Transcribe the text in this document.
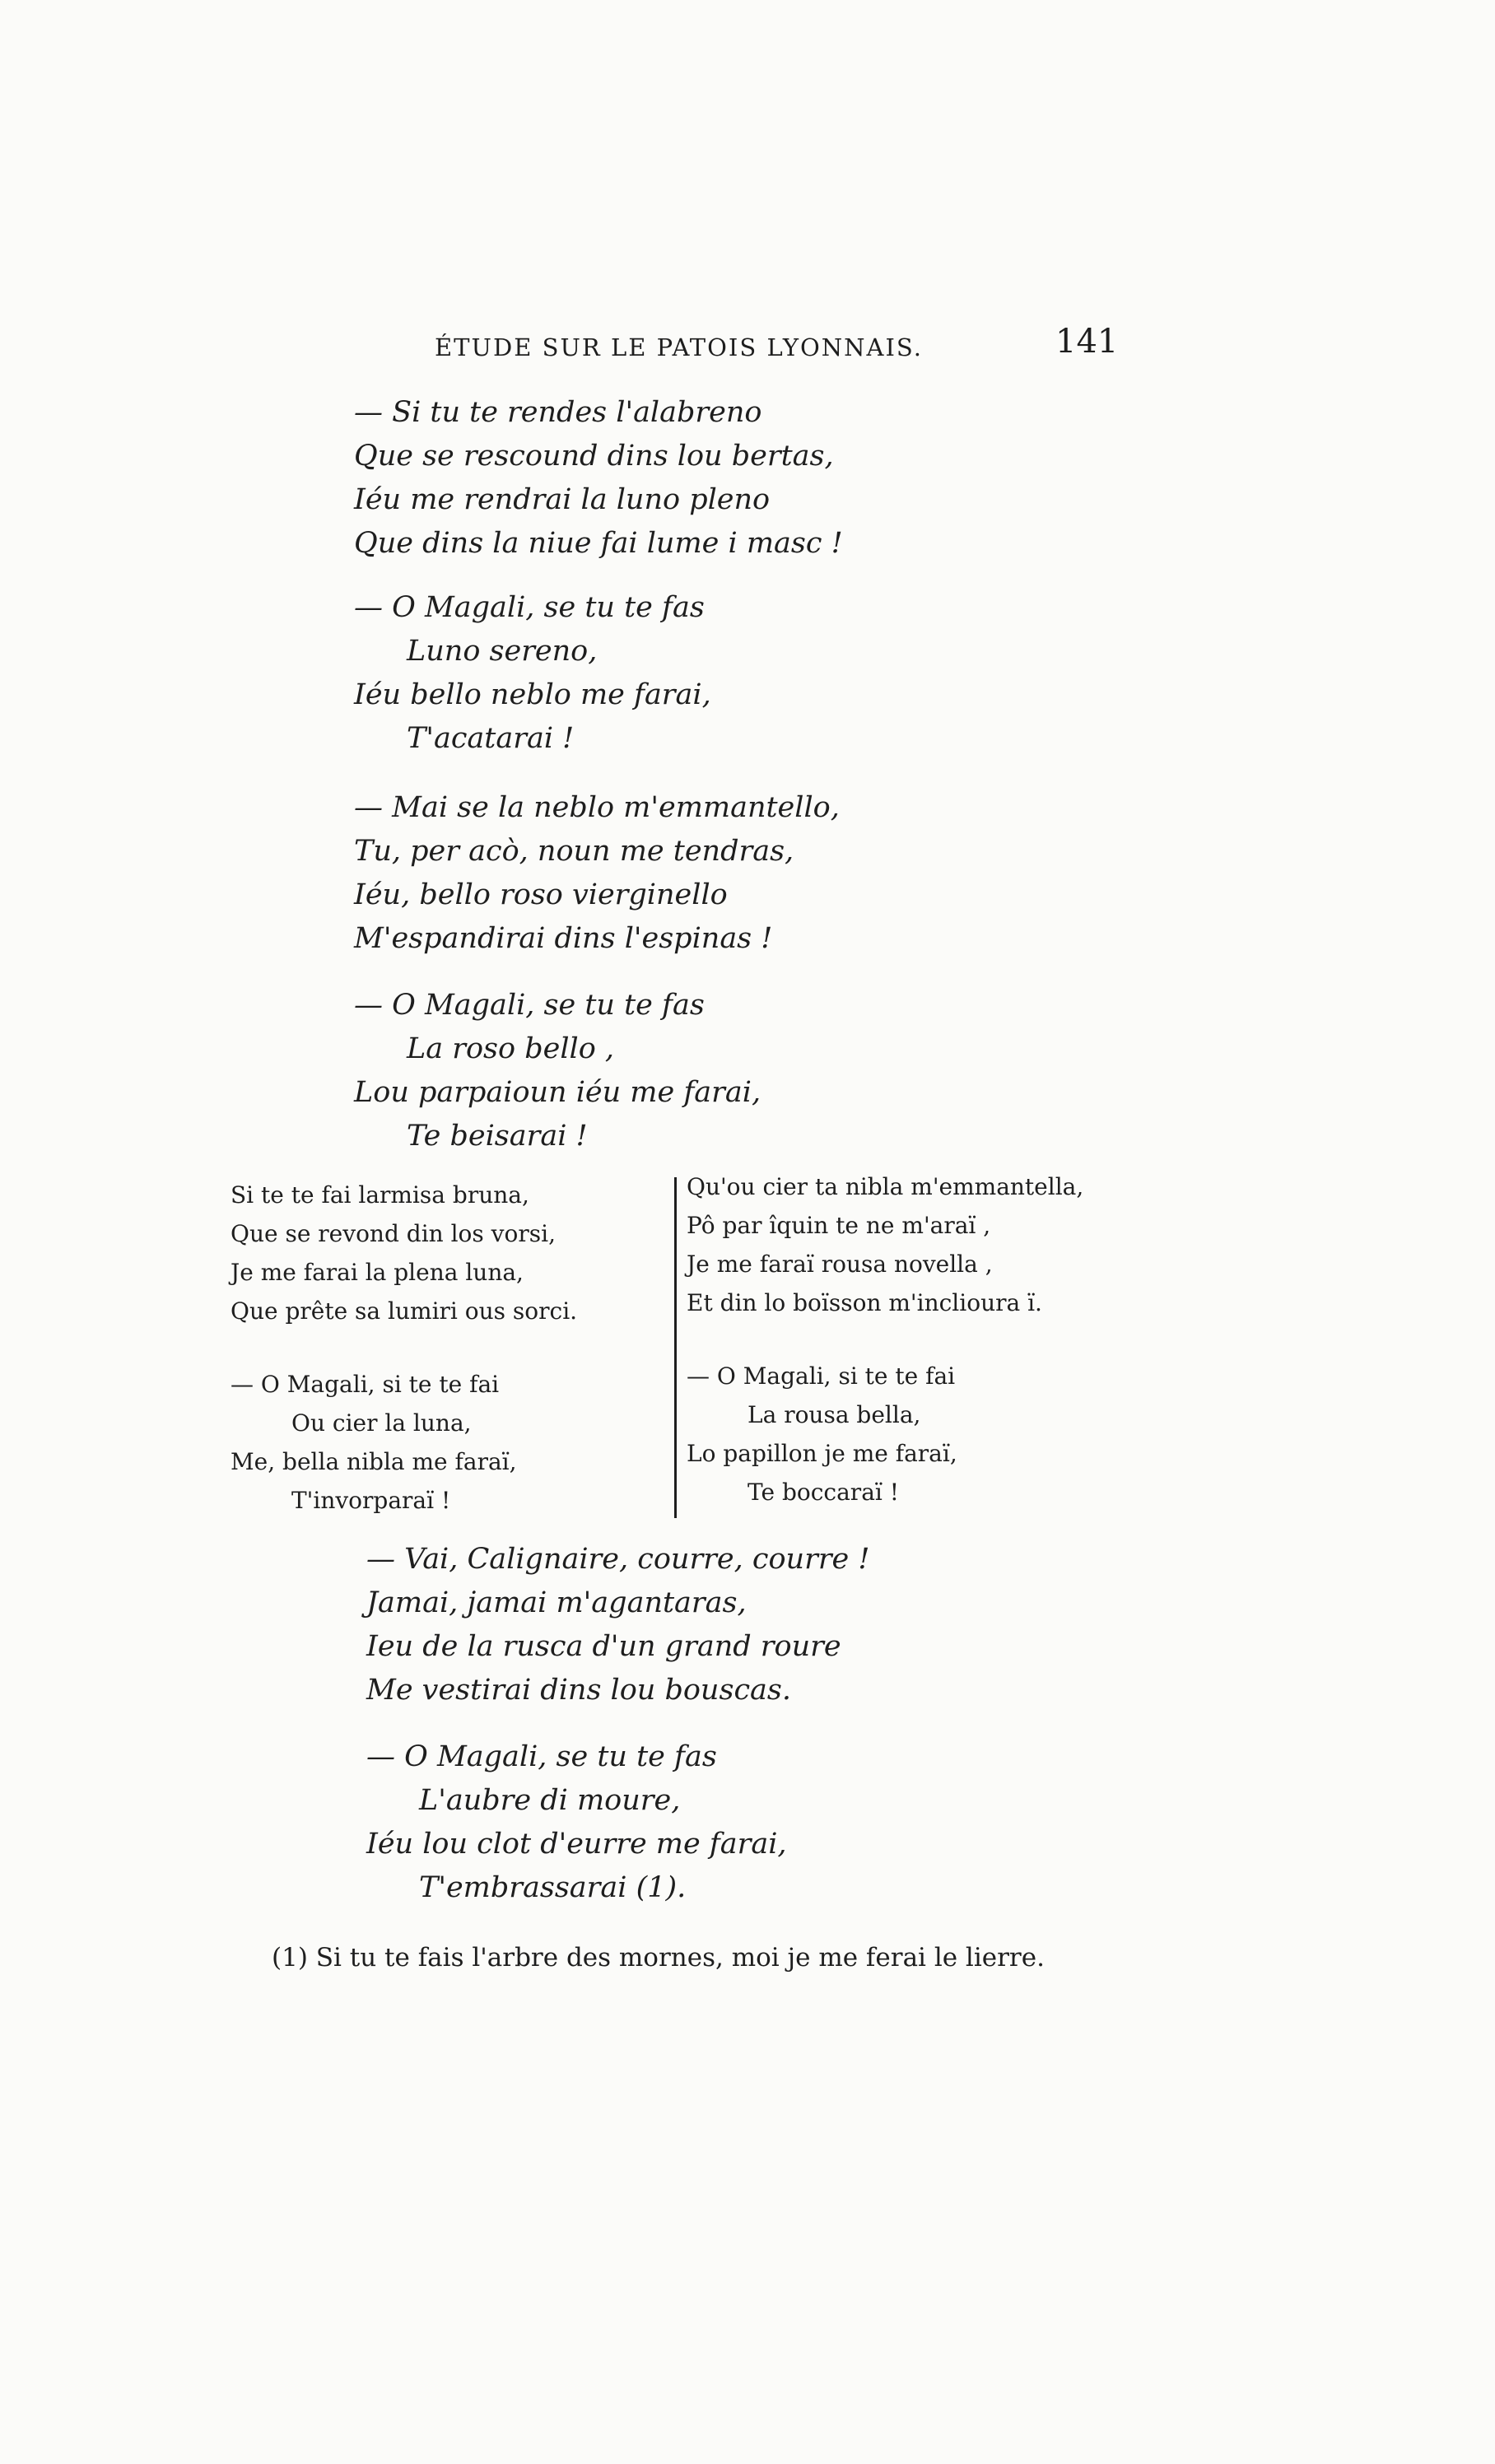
ÉTUDE SUR LE PATOIS LYONNAIS.	141
— Si tu te rendes l'alabreno
Que se rescound dins lou bertas,
Iéu me rendrai la luno pleno
Que dins la niue fai lume i masc !
— O Magali, se tu te fas
Luno sereno,
Iéu bello neblo me farai,
T'acatarai !
— Mai se la neblo m'emmantello,
Tu, per acò, noun me tendras,
Iéu, bello roso vierginello
M'espandirai dins l'espinas !
— O Magali, se tu te fas
La roso bello ,
Lou parpaioun iéu me farai,
Te beisarai !
Si te te fai larmisa bruna,
Que se revond din los vorsi,
Je me farai la plena luna,
Que prête sa lumiri ous sorci.
— O Magali, si te te fai
Ou cier la luna,
Me, bella nibla me faraï,
T'invorparaï !
Qu'ou cier ta nibla m'emmantella,
Pô par îquin te ne m'araï ,
Je me faraï rousa novella ,
Et din lo boïsson m'inclioura ï.
— O Magali, si te te fai
La rousa bella,
Lo papillon je me faraï,
Te boccaraï !
— Vai, Calignaire, courre, courre !
Jamai, jamai m'agantaras,
Ieu de la rusca d'un grand roure
Me vestirai dins lou bouscas.
— O Magali, se tu te fas
L'aubre di moure,
Iéu lou clot d'eurre me farai,
T'embrassarai (1).
(1) Si tu te fais l'arbre des mornes, moi je me ferai le lierre.
